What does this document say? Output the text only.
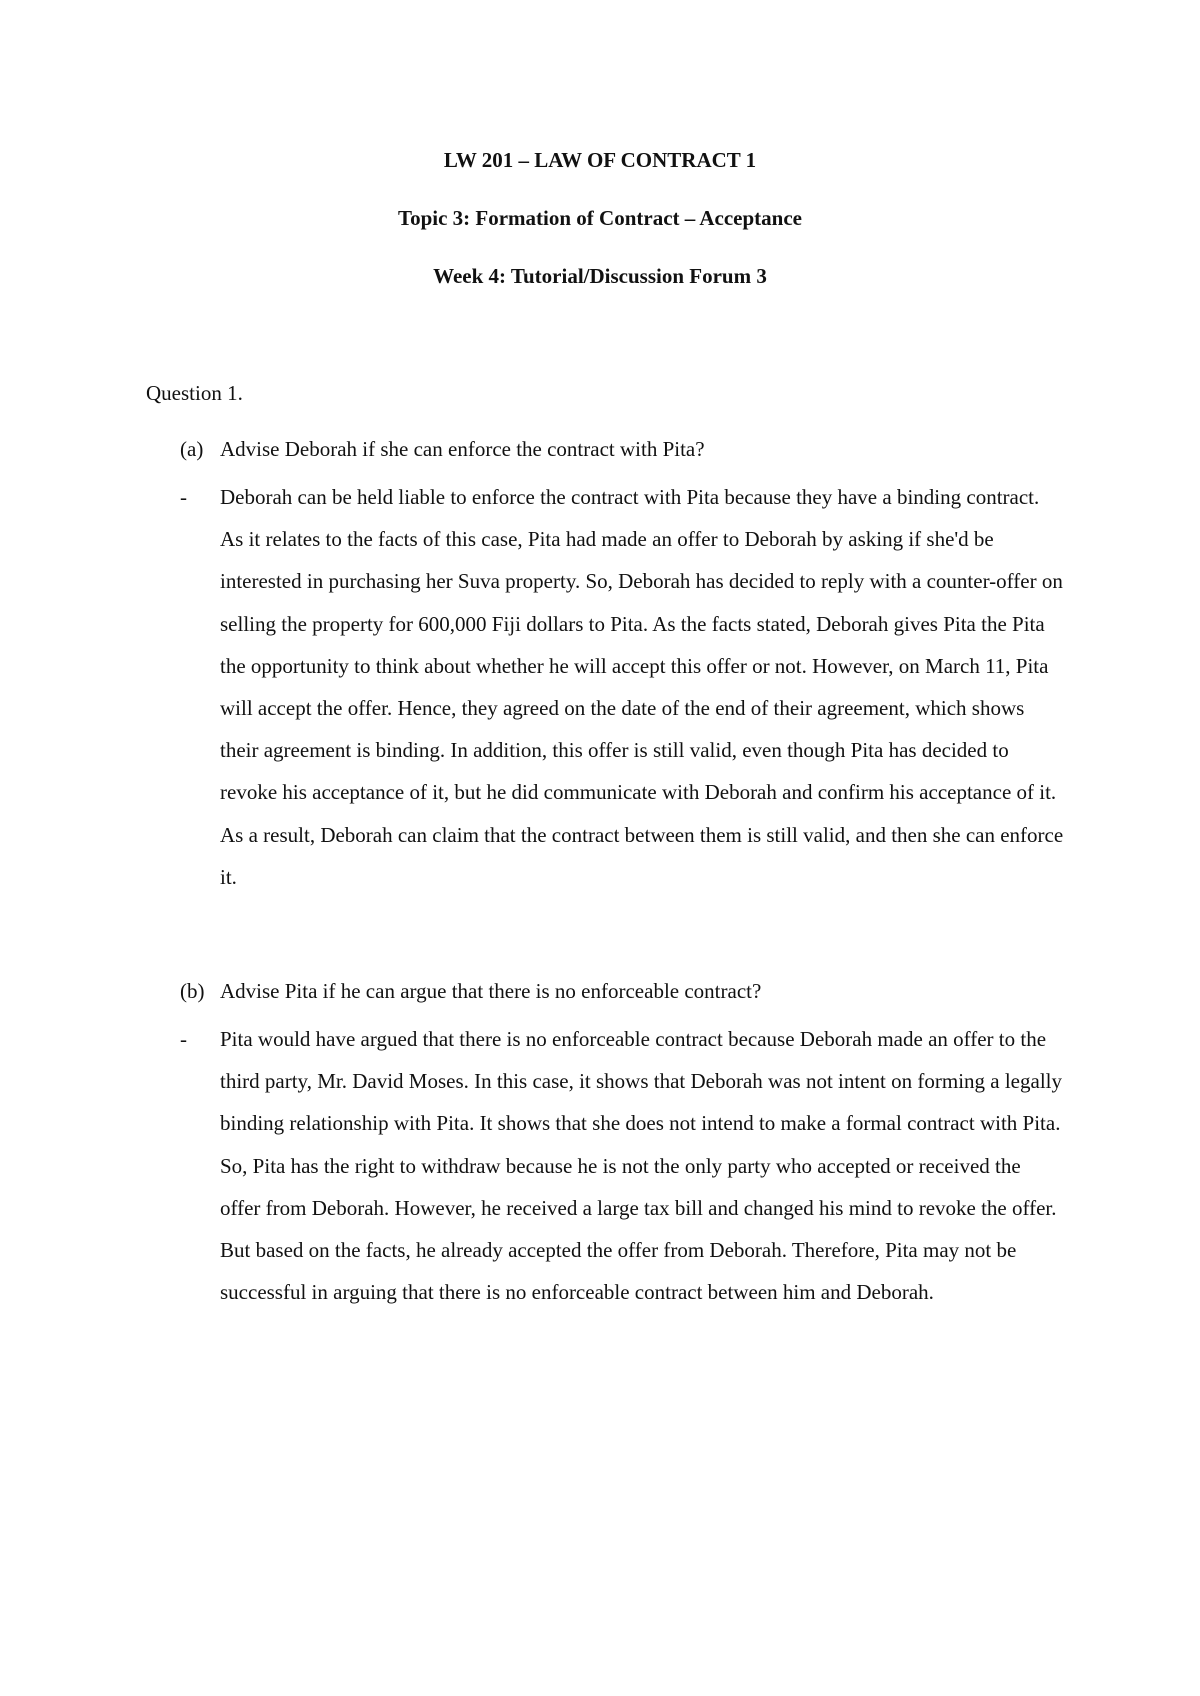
LW 201 – LAW OF CONTRACT 1
Topic 3: Formation of Contract – Acceptance
Week 4: Tutorial/Discussion Forum 3
Question 1.
(a) Advise Deborah if she can enforce the contract with Pita?
-	Deborah can be held liable to enforce the contract with Pita because they have a binding contract. As it relates to the facts of this case, Pita had made an offer to Deborah by asking if she'd be interested in purchasing her Suva property. So, Deborah has decided to reply with a counter-offer on selling the property for 600,000 Fiji dollars to Pita. As the facts stated, Deborah gives Pita the Pita the opportunity to think about whether he will accept this offer or not. However, on March 11, Pita will accept the offer. Hence, they agreed on the date of the end of their agreement, which shows their agreement is binding. In addition, this offer is still valid, even though Pita has decided to revoke his acceptance of it, but he did communicate with Deborah and confirm his acceptance of it. As a result, Deborah can claim that the contract between them is still valid, and then she can enforce it.
(b) Advise Pita if he can argue that there is no enforceable contract?
-	Pita would have argued that there is no enforceable contract because Deborah made an offer to the third party, Mr. David Moses. In this case, it shows that Deborah was not intent on forming a legally binding relationship with Pita. It shows that she does not intend to make a formal contract with Pita. So, Pita has the right to withdraw because he is not the only party who accepted or received the offer from Deborah. However, he received a large tax bill and changed his mind to revoke the offer. But based on the facts, he already accepted the offer from Deborah. Therefore, Pita may not be successful in arguing that there is no enforceable contract between him and Deborah.
